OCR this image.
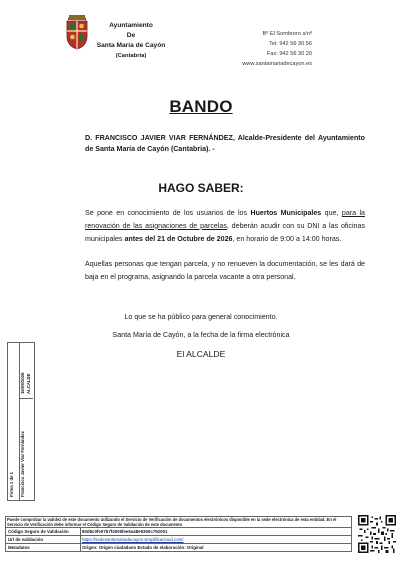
Ayuntamiento
De
Santa María de Cayón
(Cantabria)
Bº El Sombrero s/nº
Tel: 942 56 30 56
Fax: 942 56 30 20
www.santamariadecayon.es
BANDO
D. FRANCISCO JAVIER VIAR FERNÁNDEZ, Alcalde-Presidente del Ayuntamiento de Santa María de Cayón (Cantabria). -
HAGO SABER:
Se pone en conocimiento de los usuarios de los Huertos Municipales que, para la renovación de las asignaciones de parcelas, deberán acudir con su DNI a las oficinas municipales antes del 21 de Octubre de 2026, en horario de 9:00 a 14:00 horas.
Aquellas personas que tengan parcela, y no renueven la documentación, se les dará de baja en el programa, asignando la parcela vacante a otra personal.
Lo que se ha público para general conocimiento.
Santa María de Cayón, a la fecha de la firma electrónica
El ALCALDE
Firma 1 de 1 Francisco Javier Viar Fernández
16/09/2026 ALCALDE
Puede comprobar la validez de este documento utilizando el Servicio de Verificación de documentos electrónicos disponible en la sede electrónica de esta entidad. En el Servicio de Verificación debe informar el Código Seguro de Validación de este documento
Código Seguro de Validación	80d8c0fe07b7f4005fee5a48e9350c792001
Url de validación	https://sedesantamariadecayon.simplificacloud.com/
Metadatos	Origen: Origen ciudadano Estado de elaboración: Original
